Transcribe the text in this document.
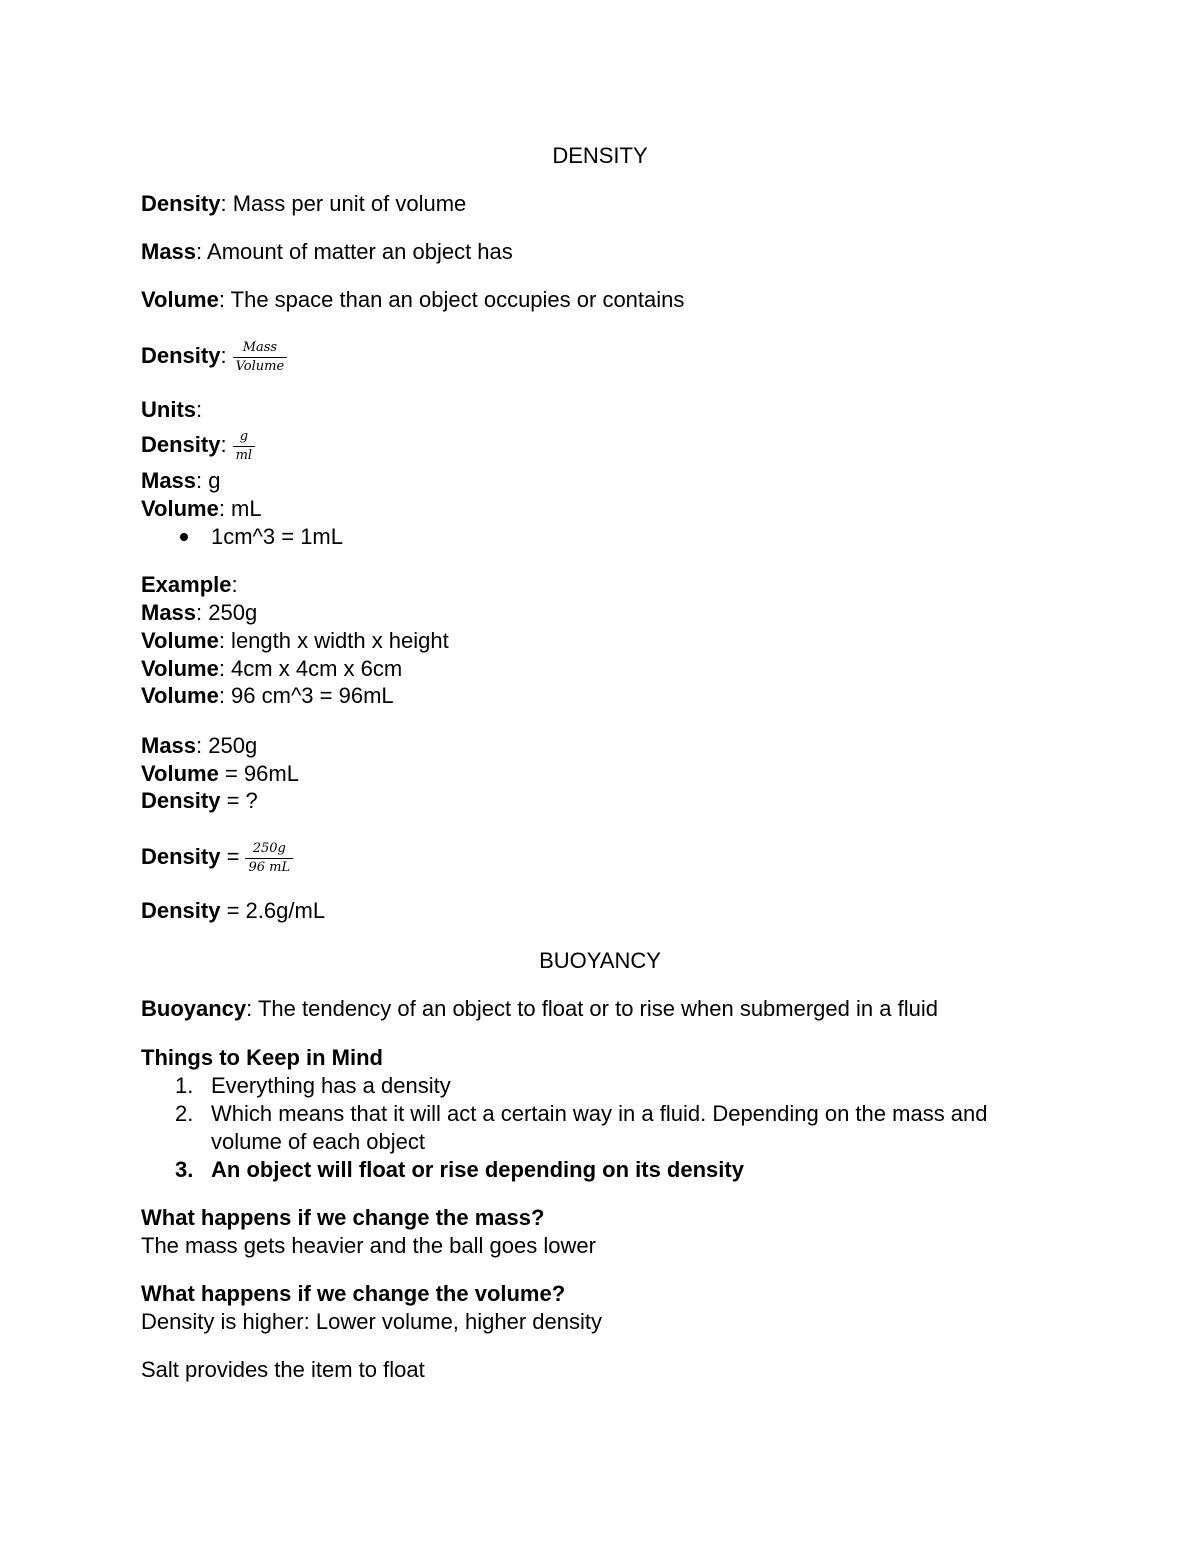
DENSITY
Density: Mass per unit of volume
Mass: Amount of matter an object has
Volume: The space than an object occupies or contains
Density: $\frac{\text{Mass}}{\text{Volume}}$
Units:
Density: $\frac{g}{ml}$
Mass: g
Volume: mL
1cm^3 = 1mL
Example:
Mass: 250g
Volume: length x width x height
Volume: 4cm x 4cm x 6cm
Volume: 96 cm^3 = 96mL
Mass: 250g
Volume = 96mL
Density = ?
Density = $\frac{250g}{96 mL}$
Density = 2.6g/mL
BUOYANCY
Buoyancy: The tendency of an object to float or to rise when submerged in a fluid
Things to Keep in Mind
1. Everything has a density
2. Which means that it will act a certain way in a fluid. Depending on the mass and
volume of each object
3. An object will float or rise depending on its density
What happens if we change the mass?
The mass gets heavier and the ball goes lower
What happens if we change the volume?
Density is higher: Lower volume, higher density
Salt provides the item to float
